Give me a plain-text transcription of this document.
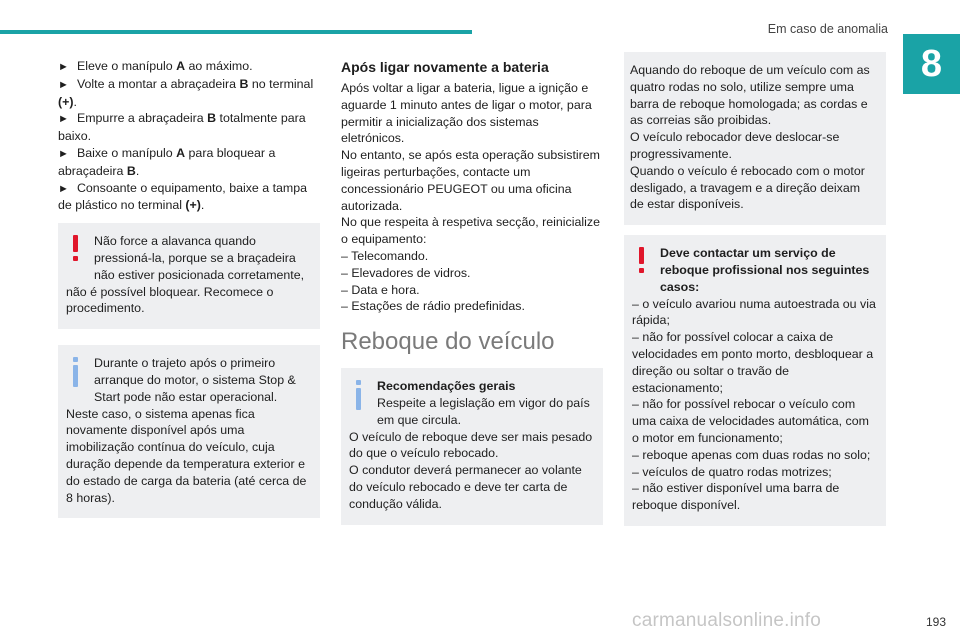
Em caso de anomalia
8

► Eleve o manípulo A ao máximo.

► Volte a montar a abraçadeira B no terminal (+).

► Empurre a abraçadeira B totalmente para baixo.

► Baixe o manípulo A para bloquear a abraçadeira B.

► Consoante o equipamento, baixe a tampa de plástico no terminal (+).

Não force a alavanca quando pressioná-la, porque se a braçadeira não estiver posicionada corretamente, não é possível bloquear. Recomece o procedimento.

Durante o trajeto após o primeiro arranque do motor, o sistema Stop & Start pode não estar operacional.

Neste caso, o sistema apenas fica novamente disponível após uma imobilização contínua do veículo, cuja duração depende da temperatura exterior e do estado de carga da bateria (até cerca de 8 horas).

Após ligar novamente a bateria

Após voltar a ligar a bateria, ligue a ignição e aguarde 1 minuto antes de ligar o motor, para permitir a inicialização dos sistemas eletrónicos.

No entanto, se após esta operação subsistirem ligeiras perturbações, contacte um concessionário PEUGEOT ou uma oficina autorizada.

No que respeita à respetiva secção, reinicialize o equipamento:

– Telecomando.

– Elevadores de vidros.

– Data e hora.

– Estações de rádio predefinidas.

Reboque do veículo

Recomendações gerais

Respeite a legislação em vigor do país em que circula.

O veículo de reboque deve ser mais pesado do que o veículo rebocado.

O condutor deverá permanecer ao volante do veículo rebocado e deve ter carta de condução válida.

Aquando do reboque de um veículo com as quatro rodas no solo, utilize sempre uma barra de reboque homologada; as cordas e as correias são proibidas.

O veículo rebocador deve deslocar-se progressivamente.

Quando o veículo é rebocado com o motor desligado, a travagem e a direção deixam de estar disponíveis.

Deve contactar um serviço de reboque profissional nos seguintes casos:

– o veículo avariou numa autoestrada ou via rápida;

– não for possível colocar a caixa de velocidades em ponto morto, desbloquear a direção ou soltar o travão de estacionamento;

– não for possível rebocar o veículo com uma caixa de velocidades automática, com o motor em funcionamento;

– reboque apenas com duas rodas no solo;

– veículos de quatro rodas motrizes;

– não estiver disponível uma barra de reboque disponível.

193
carmanualsonline.info
